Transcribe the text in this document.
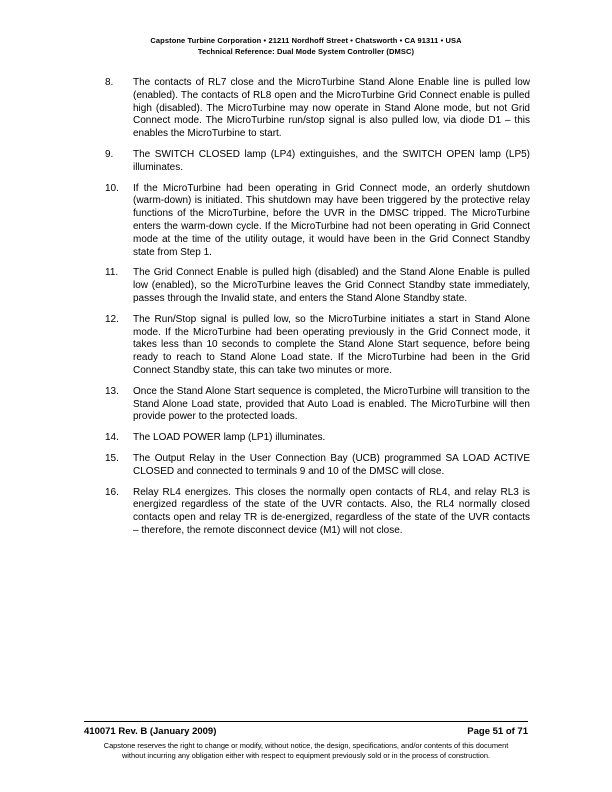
Capstone Turbine Corporation • 21211 Nordhoff Street • Chatsworth • CA 91311 • USA
Technical Reference: Dual Mode System Controller (DMSC)
8.	The contacts of RL7 close and the MicroTurbine Stand Alone Enable line is pulled low (enabled). The contacts of RL8 open and the MicroTurbine Grid Connect enable is pulled high (disabled). The MicroTurbine may now operate in Stand Alone mode, but not Grid Connect mode. The MicroTurbine run/stop signal is also pulled low, via diode D1 – this enables the MicroTurbine to start.
9.	The SWITCH CLOSED lamp (LP4) extinguishes, and the SWITCH OPEN lamp (LP5) illuminates.
10.	If the MicroTurbine had been operating in Grid Connect mode, an orderly shutdown (warm-down) is initiated. This shutdown may have been triggered by the protective relay functions of the MicroTurbine, before the UVR in the DMSC tripped. The MicroTurbine enters the warm-down cycle. If the MicroTurbine had not been operating in Grid Connect mode at the time of the utility outage, it would have been in the Grid Connect Standby state from Step 1.
11.	The Grid Connect Enable is pulled high (disabled) and the Stand Alone Enable is pulled low (enabled), so the MicroTurbine leaves the Grid Connect Standby state immediately, passes through the Invalid state, and enters the Stand Alone Standby state.
12.	The Run/Stop signal is pulled low, so the MicroTurbine initiates a start in Stand Alone mode. If the MicroTurbine had been operating previously in the Grid Connect mode, it takes less than 10 seconds to complete the Stand Alone Start sequence, before being ready to reach to Stand Alone Load state. If the MicroTurbine had been in the Grid Connect Standby state, this can take two minutes or more.
13.	Once the Stand Alone Start sequence is completed, the MicroTurbine will transition to the Stand Alone Load state, provided that Auto Load is enabled. The MicroTurbine will then provide power to the protected loads.
14.	The LOAD POWER lamp (LP1) illuminates.
15.	The Output Relay in the User Connection Bay (UCB) programmed SA LOAD ACTIVE CLOSED and connected to terminals 9 and 10 of the DMSC will close.
16.	Relay RL4 energizes. This closes the normally open contacts of RL4, and relay RL3 is energized regardless of the state of the UVR contacts. Also, the RL4 normally closed contacts open and relay TR is de-energized, regardless of the state of the UVR contacts – therefore, the remote disconnect device (M1) will not close.
410071 Rev. B (January 2009)	Page 51 of 71
Capstone reserves the right to change or modify, without notice, the design, specifications, and/or contents of this document
without incurring any obligation either with respect to equipment previously sold or in the process of construction.
